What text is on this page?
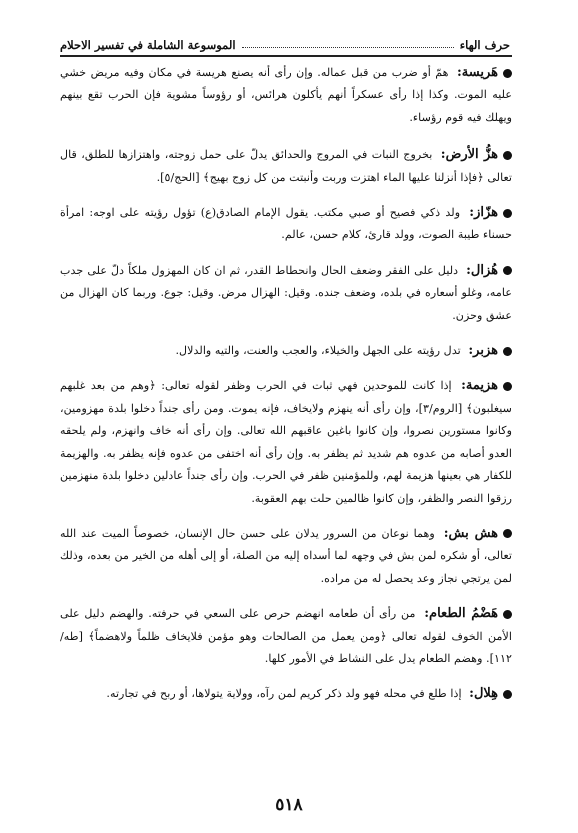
حرف الهاء
الموسوعة الشاملة في تفسير الاحلام

هَريسة: همّ أو ضرب من قبل عماله. وإن رأى أنه يصنع هريسة في مكان وفيه مريض خشي عليه الموت. وكذا إذا رأى عسكراً أنهم يأكلون هرائس، أو رؤوساً مشوية فإن الحرب تقع بينهم ويهلك فيه قوم رؤساء.

هزُّ الأرض: بخروج النبات في المروج والحدائق يدلّ على حمل زوجته، واهتزازها للطلق، قال تعالى ﴿فإذا أنزلنا عليها الماء اهتزت وربت وأنبتت من كل زوج بهيج﴾ [الحج/٥].

هزّاز: ولد ذكي فصيح أو صبي مكتب. يقول الإمام الصادق(ع) تؤول رؤيته على اوجه: امرأة حسناء طيبة الصوت، وولد قارئ، كلام حسن، عالم.

هُزال: دليل على الفقر وضعف الحال وانحطاط القدر، ثم ان كان المهزول ملكاً دلّ على جدب عامه، وغلو أسعاره في بلده، وضعف جنده. وقيل: الهزال مرض. وقيل: جوع. وربما كان الهزال من عشق وحزن.

هزبر: تدل رؤيته على الجهل والخيلاء، والعجب والعنت، والتيه والدلال.

هزيمة: إذا كانت للموحدين فهي ثبات في الحرب وظفر لقوله تعالى: ﴿وهم من بعد غلبهم سيغلبون﴾ [الروم/٣]، وإن رأى أنه ينهزم ولايخاف، فإنه يموت. ومن رأى جنداً دخلوا بلدة مهزومين، وكانوا مستورين نصروا، وإن كانوا باغين عاقبهم الله تعالى. وإن رأى أنه خاف وانهزم، ولم يلحقه العدو أصابه من عدوه هم شديد ثم يظفر به. وإن رأى أنه اختفى من عدوه فإنه يظفر به. والهزيمة للكفار هي بعينها هزيمة لهم، وللمؤمنين ظفر في الحرب. وإن رأى جنداً عادلين دخلوا بلدة منهزمين رزقوا النصر والظفر، وإن كانوا ظالمين حلت بهم العقوبة.

هش بش: وهما نوعان من السرور يدلان على حسن حال الإنسان، خصوصاً الميت عند الله تعالى، أو شكره لمن بش في وجهه لما أسداه إليه من الصلة، أو إلى أهله من الخير من بعده، وذلك لمن يرتجي نجاز وعد يحصل له من مراده.

هَضْمُ الطعام: من رأى أن طعامه انهضم حرص على السعي في حرفته. والهضم دليل على الأمن الخوف لقوله تعالى ﴿ومن يعمل من الصالحات وهو مؤمن فلايخاف ظلماً ولاهضماً﴾ [طه/١١٢]. وهضم الطعام يدل على النشاط في الأمور كلها.

هِلال: إذا طلع في محله فهو ولد ذكر كريم لمن رآه، وولاية يتولاها، أو ربح في تجارته.

٥١٨
